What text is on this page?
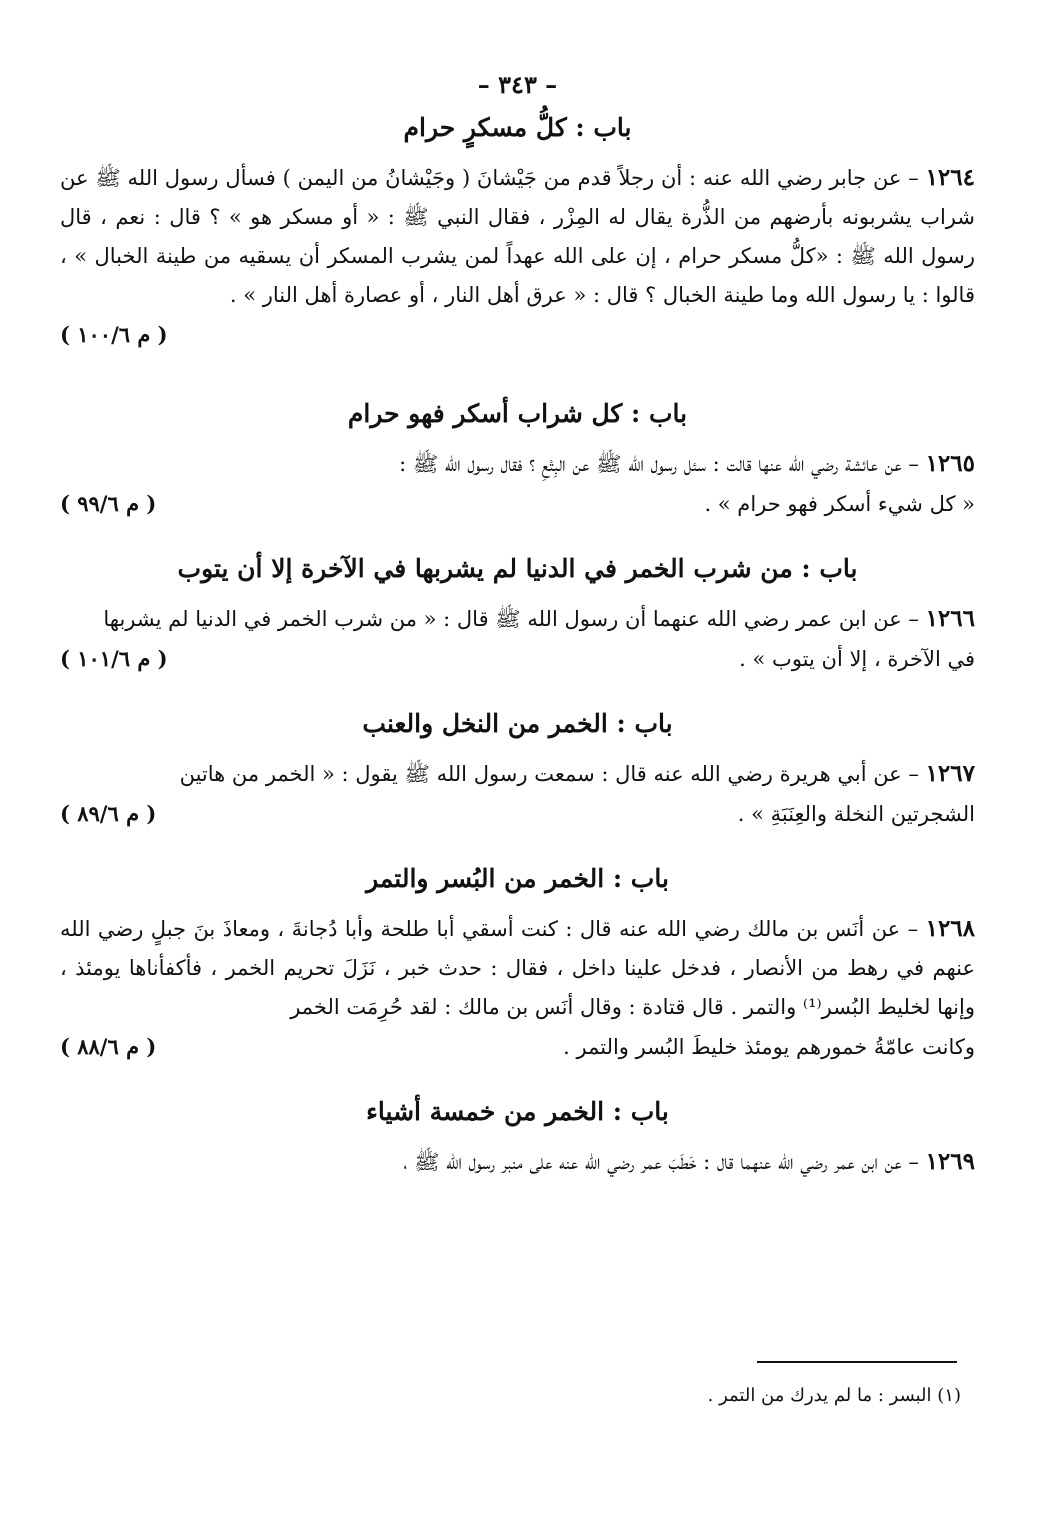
– ٣٤٣ –
باب : كلُّ مسكرٍ حرام
١٢٦٤ – عن جابر رضي الله عنه : أن رجلاً قدم من جَيْشانَ ( وجَيْشانُ من اليمن ) فسأل رسول الله ﷺ عن شراب يشربونه بأرضهم من الذُّرة يقال له المِزْر ، فقال النبي ﷺ : « أو مسكر هو » ؟ قال : نعم ، قال رسول الله ﷺ : «كلُّ مسكر حرام ، إن على الله عهداً لمن يشرب المسكر أن يسقيه من طينة الخبال » ، قالوا : يا رسول الله وما طينة الخبال ؟ قال : « عرق أهل النار ، أو عصارة أهل النار » .
( م ١٠٠/٦ )
باب : كل شراب أسكر فهو حرام
١٢٦٥ – عن عائشة رضي الله عنها قالت : سئل رسول الله ﷺ عن البِتْعِ ؟ فقال رسول الله ﷺ :
« كل شيء أسكر فهو حرام » .
( م ٩٩/٦ )
باب : من شرب الخمر في الدنيا لم يشربها في الآخرة إلا أن يتوب
١٢٦٦ – عن ابن عمر رضي الله عنهما أن رسول الله ﷺ قال : « من شرب الخمر في الدنيا لم يشربها
في الآخرة ، إلا أن يتوب » .
( م ١٠١/٦ )
باب : الخمر من النخل والعنب
١٢٦٧ – عن أبي هريرة رضي الله عنه قال : سمعت رسول الله ﷺ يقول : « الخمر من هاتين
الشجرتين النخلة والعِنَبَةِ » .
( م ٨٩/٦ )
باب : الخمر من البُسر والتمر
١٢٦٨ – عن أنَس بن مالك رضي الله عنه قال : كنت أسقي أبا طلحة وأبا دُجانةَ ، ومعاذَ بنَ جبلٍ رضي الله عنهم في رهط من الأنصار ، فدخل علينا داخل ، فقال : حدث خبر ، نَزَلَ تحريم الخمر ، فأكفأناها يومئذ ، وإنها لخليط البُسر⁽¹⁾ والتمر . قال قتادة : وقال أنَس بن مالك : لقد حُرِمَت الخمر
وكانت عامّةُ خمورهم يومئذ خليطَ البُسر والتمر .
( م ٨٨/٦ )
باب : الخمر من خمسة أشياء
١٢٦٩ – عن ابن عمر رضي الله عنهما قال : خَطَبَ عمر رضي الله عنه على منبر رسول الله ﷺ ،
(١) البسر : ما لم يدرك من التمر .
